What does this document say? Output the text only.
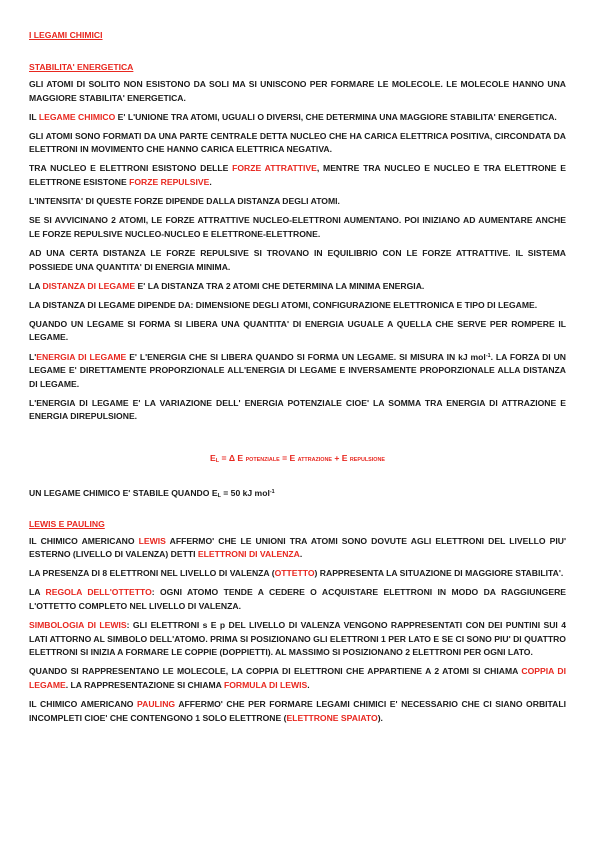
I LEGAMI CHIMICI

STABILITA' ENERGETICA

GLI ATOMI DI SOLITO NON ESISTONO DA SOLI MA SI UNISCONO PER FORMARE LE MOLECOLE. LE MOLECOLE HANNO UNA MAGGIORE STABILITA' ENERGETICA.

IL LEGAME CHIMICO E' L'UNIONE TRA ATOMI, UGUALI O DIVERSI, CHE DETERMINA UNA MAGGIORE STABILITA' ENERGETICA.

GLI ATOMI SONO FORMATI DA UNA PARTE CENTRALE DETTA NUCLEO CHE HA CARICA ELETTRICA POSITIVA, CIRCONDATA DA ELETTRONI IN MOVIMENTO CHE HANNO CARICA ELETTRICA NEGATIVA.

TRA NUCLEO E ELETTRONI ESISTONO DELLE FORZE ATTRATTIVE, MENTRE TRA NUCLEO E NUCLEO E TRA ELETTRONE E ELETTRONE ESISTONE FORZE REPULSIVE.

L'INTENSITA' DI QUESTE FORZE DIPENDE DALLA DISTANZA DEGLI ATOMI.

SE SI AVVICINANO 2 ATOMI, LE FORZE ATTRATTIVE NUCLEO-ELETTRONI AUMENTANO. POI INIZIANO AD AUMENTARE ANCHE LE FORZE REPULSIVE NUCLEO-NUCLEO E ELETTRONE-ELETTRONE.

AD UNA CERTA DISTANZA LE FORZE REPULSIVE SI TROVANO IN EQUILIBRIO CON LE FORZE ATTRATTIVE. IL SISTEMA POSSIEDE UNA QUANTITA' DI ENERGIA MINIMA.

LA DISTANZA DI LEGAME E' LA DISTANZA TRA 2 ATOMI CHE DETERMINA LA MINIMA ENERGIA.

LA DISTANZA DI LEGAME DIPENDE DA: DIMENSIONE DEGLI ATOMI, CONFIGURAZIONE ELETTRONICA E TIPO DI LEGAME.

QUANDO UN LEGAME SI FORMA SI LIBERA UNA QUANTITA' DI ENERGIA UGUALE A QUELLA CHE SERVE PER ROMPERE IL LEGAME.

L'ENERGIA DI LEGAME E' L'ENERGIA CHE SI LIBERA QUANDO SI FORMA UN LEGAME. SI MISURA IN kJ mol$^{-1}$. LA FORZA DI UN LEGAME E' DIRETTAMENTE PROPORZIONALE ALL'ENERGIA DI LEGAME E INVERSAMENTE PROPORZIONALE ALLA DISTANZA DI LEGAME.

L'ENERGIA DI LEGAME E' LA VARIAZIONE DELL' ENERGIA POTENZIALE CIOE' LA SOMMA TRA ENERGIA DI ATTRAZIONE E ENERGIA DIREPULSIONE.

$E_L = \Delta$ E POTENZIALE = E ATTRAZIONE + E REPULSIONE

UN LEGAME CHIMICO E' STABILE QUANDO $E_L = 50$ kJ mol$^{-1}$

LEWIS E PAULING

IL CHIMICO AMERICANO LEWIS AFFERMO' CHE LE UNIONI TRA ATOMI SONO DOVUTE AGLI ELETTRONI DEL LIVELLO PIU' ESTERNO (LIVELLO DI VALENZA) DETTI ELETTRONI DI VALENZA.

LA PRESENZA DI 8 ELETTRONI NEL LIVELLO DI VALENZA (OTTETTO) RAPPRESENTA LA SITUAZIONE DI MAGGIORE STABILITA'.

LA REGOLA DELL'OTTETTO: OGNI ATOMO TENDE A CEDERE O ACQUISTARE ELETTRONI IN MODO DA RAGGIUNGERE L'OTTETTO COMPLETO NEL LIVELLO DI VALENZA.

SIMBOLOGIA DI LEWIS: GLI ELETTRONI s E p DEL LIVELLO DI VALENZA VENGONO RAPPRESENTATI CON DEI PUNTINI SUI 4 LATI ATTORNO AL SIMBOLO DELL'ATOMO. PRIMA SI POSIZIONANO GLI ELETTRONI 1 PER LATO E SE CI SONO PIU' DI QUATTRO ELETTRONI SI INIZIA A FORMARE LE COPPIE (DOPPIETTI). AL MASSIMO SI POSIZIONANO 2 ELETTRONI PER OGNI LATO.

QUANDO SI RAPPRESENTANO LE MOLECOLE, LA COPPIA DI ELETTRONI CHE APPARTIENE A 2 ATOMI SI CHIAMA COPPIA DI LEGAME. LA RAPPRESENTAZIONE SI CHIAMA FORMULA DI LEWIS.

IL CHIMICO AMERICANO PAULING AFFERMO' CHE PER FORMARE LEGAMI CHIMICI E' NECESSARIO CHE CI SIANO ORBITALI INCOMPLETI CIOE' CHE CONTENGONO 1 SOLO ELETTRONE (ELETTRONE SPAIATO).
